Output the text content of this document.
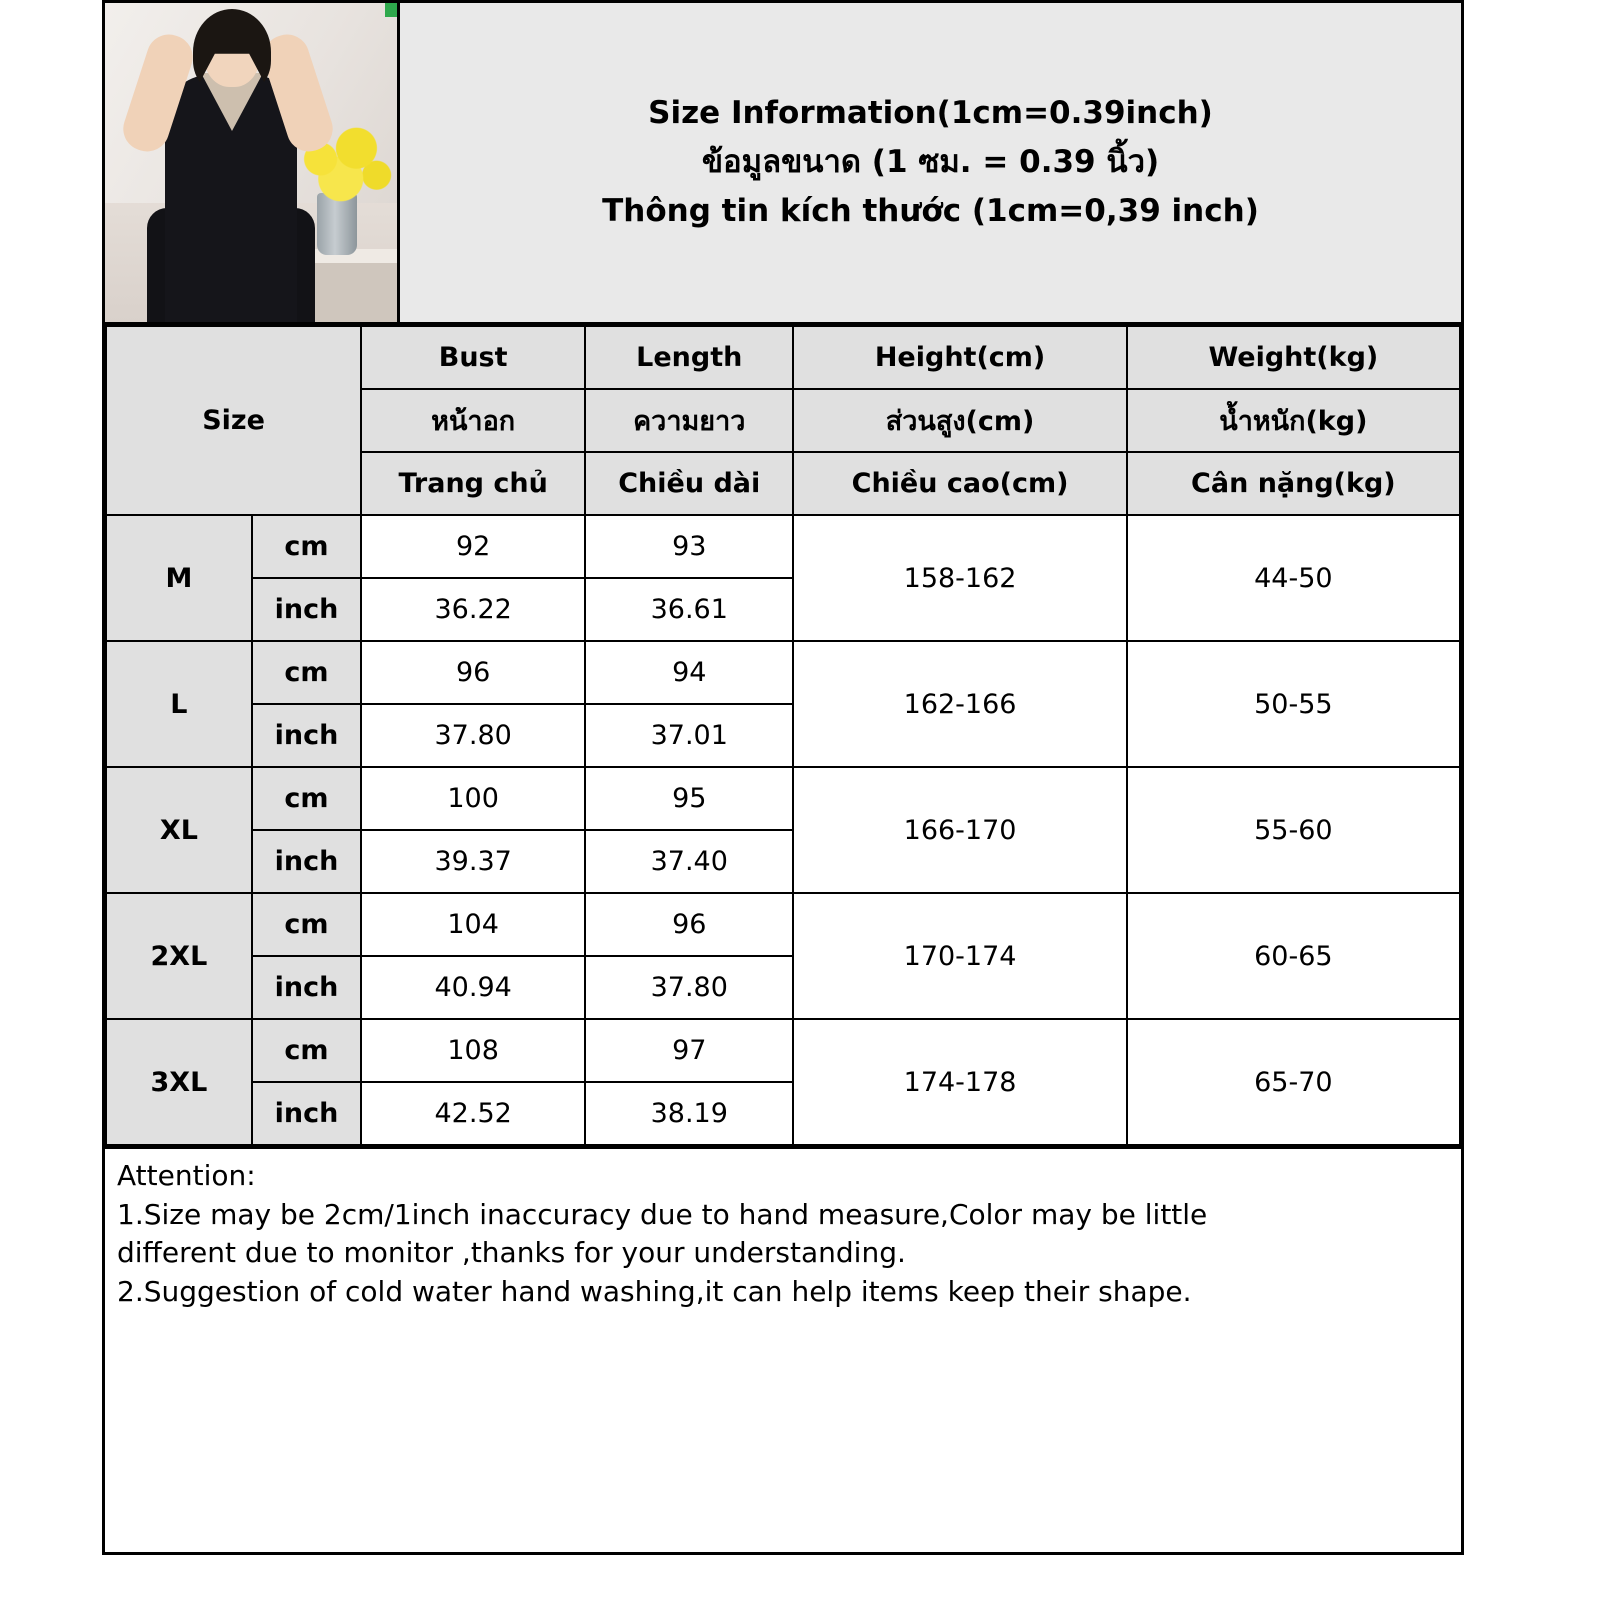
Size Information(1cm=0.39inch)
ข้อมูลขนาด (1 ซม. = 0.39 นิ้ว)
Thông tin kích thước (1cm=0,39 inch)
Size		Bust	Length	Height(cm)	Weight(kg)
		หน้าอก	ความยาว	ส่วนสูง(cm)	น้ำหนัก(kg)
		Trang chủ	Chiều dài	Chiều cao(cm)	Cân nặng(kg)
M	cm	92	93	158-162	44-50
	inch	36.22	36.61		
L	cm	96	94	162-166	50-55
	inch	37.80	37.01		
XL	cm	100	95	166-170	55-60
	inch	39.37	37.40		
2XL	cm	104	96	170-174	60-65
	inch	40.94	37.80		
3XL	cm	108	97	174-178	65-70
	inch	42.52	38.19		

Attention:

1.Size may be 2cm/1inch inaccuracy due to hand measure,Color may be little

different due to monitor ,thanks for your understanding.

2.Suggestion of cold water hand washing,it can help items keep their shape.
